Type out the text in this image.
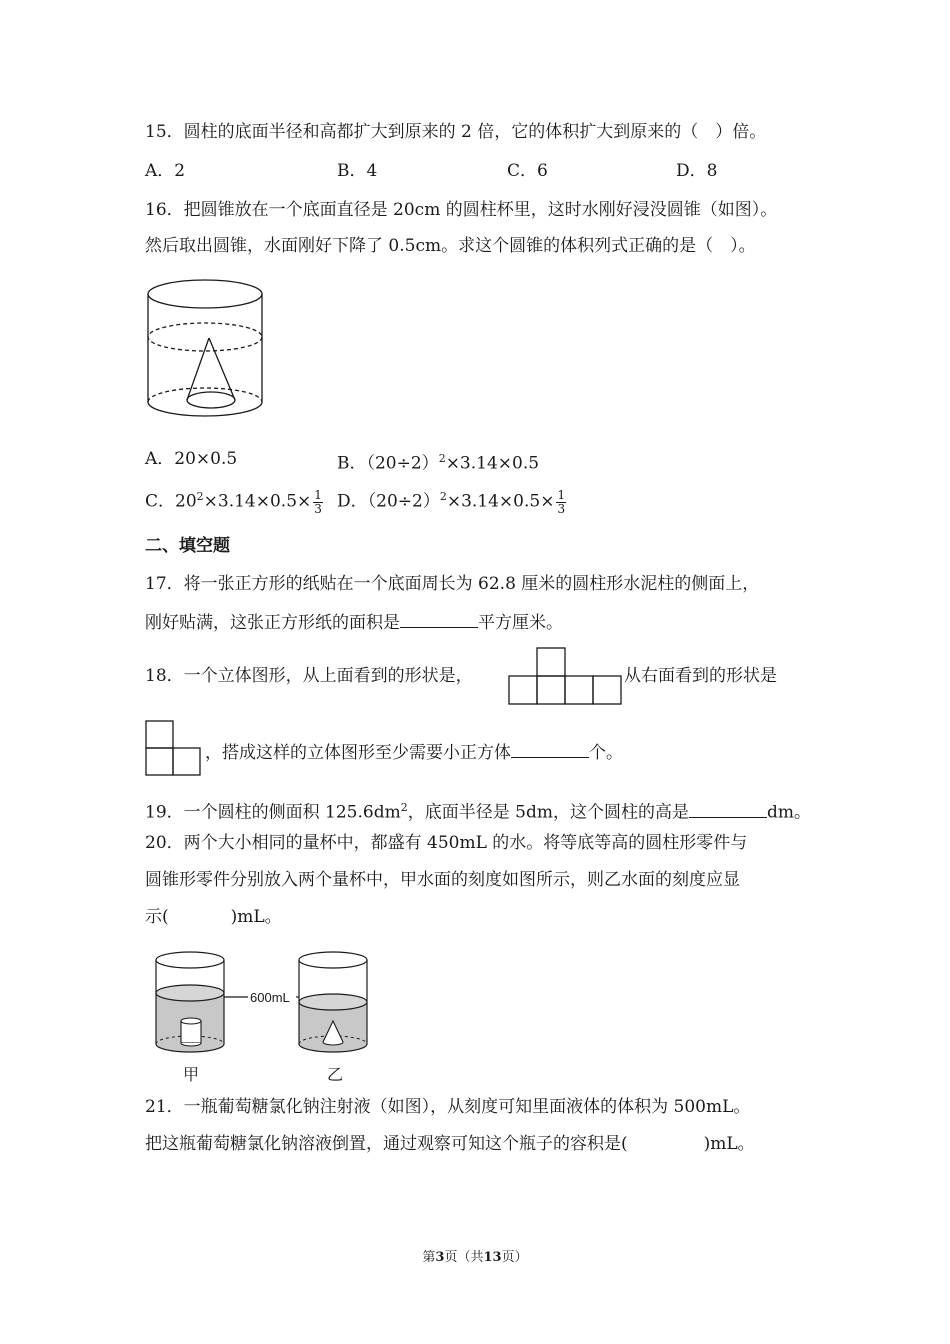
15．圆柱的底面半径和高都扩大到原来的 2 倍，它的体积扩大到原来的（　）倍。
A．2	B．4	C．6	D．8
16．把圆锥放在一个底面直径是 20cm 的圆柱杯里，这时水刚好浸没圆锥（如图）。
然后取出圆锥，水面刚好下降了 0.5cm。求这个圆锥的体积列式正确的是（　）。
A．20×0.5	B．$(20\div 2)^2\times 3.14\times 0.5$
C．$20^2\times 3.14\times 0.5\times \frac{1}{3}$ D．$(20\div 2)^2\times 3.14\times 0.5\times \frac{1}{3}$
二、填空题
17．将一张正方形的纸贴在一个底面周长为 62.8 厘米的圆柱形水泥柱的侧面上，
刚好贴满，这张正方形纸的面积是	平方厘米。
18．一个立体图形，从上面看到的形状是，	从右面看到的形状是
，搭成这样的立体图形至少需要小正方体	个。
19．一个圆柱的侧面积 $125.6dm^2$，底面半径是 5dm，这个圆柱的高是	dm。
20．两个大小相同的量杯中，都盛有 450mL 的水。将等底等高的圆柱形零件与
圆锥形零件分别放入两个量杯中，甲水面的刻度如图所示，则乙水面的刻度应显
示(	)mL。
600mL
甲	乙
21．一瓶葡萄糖氯化钠注射液（如图），从刻度可知里面液体的体积为 500mL。
把这瓶葡萄糖氯化钠溶液倒置，通过观察可知这个瓶子的容积是(	)mL。
第3页（共13页）
